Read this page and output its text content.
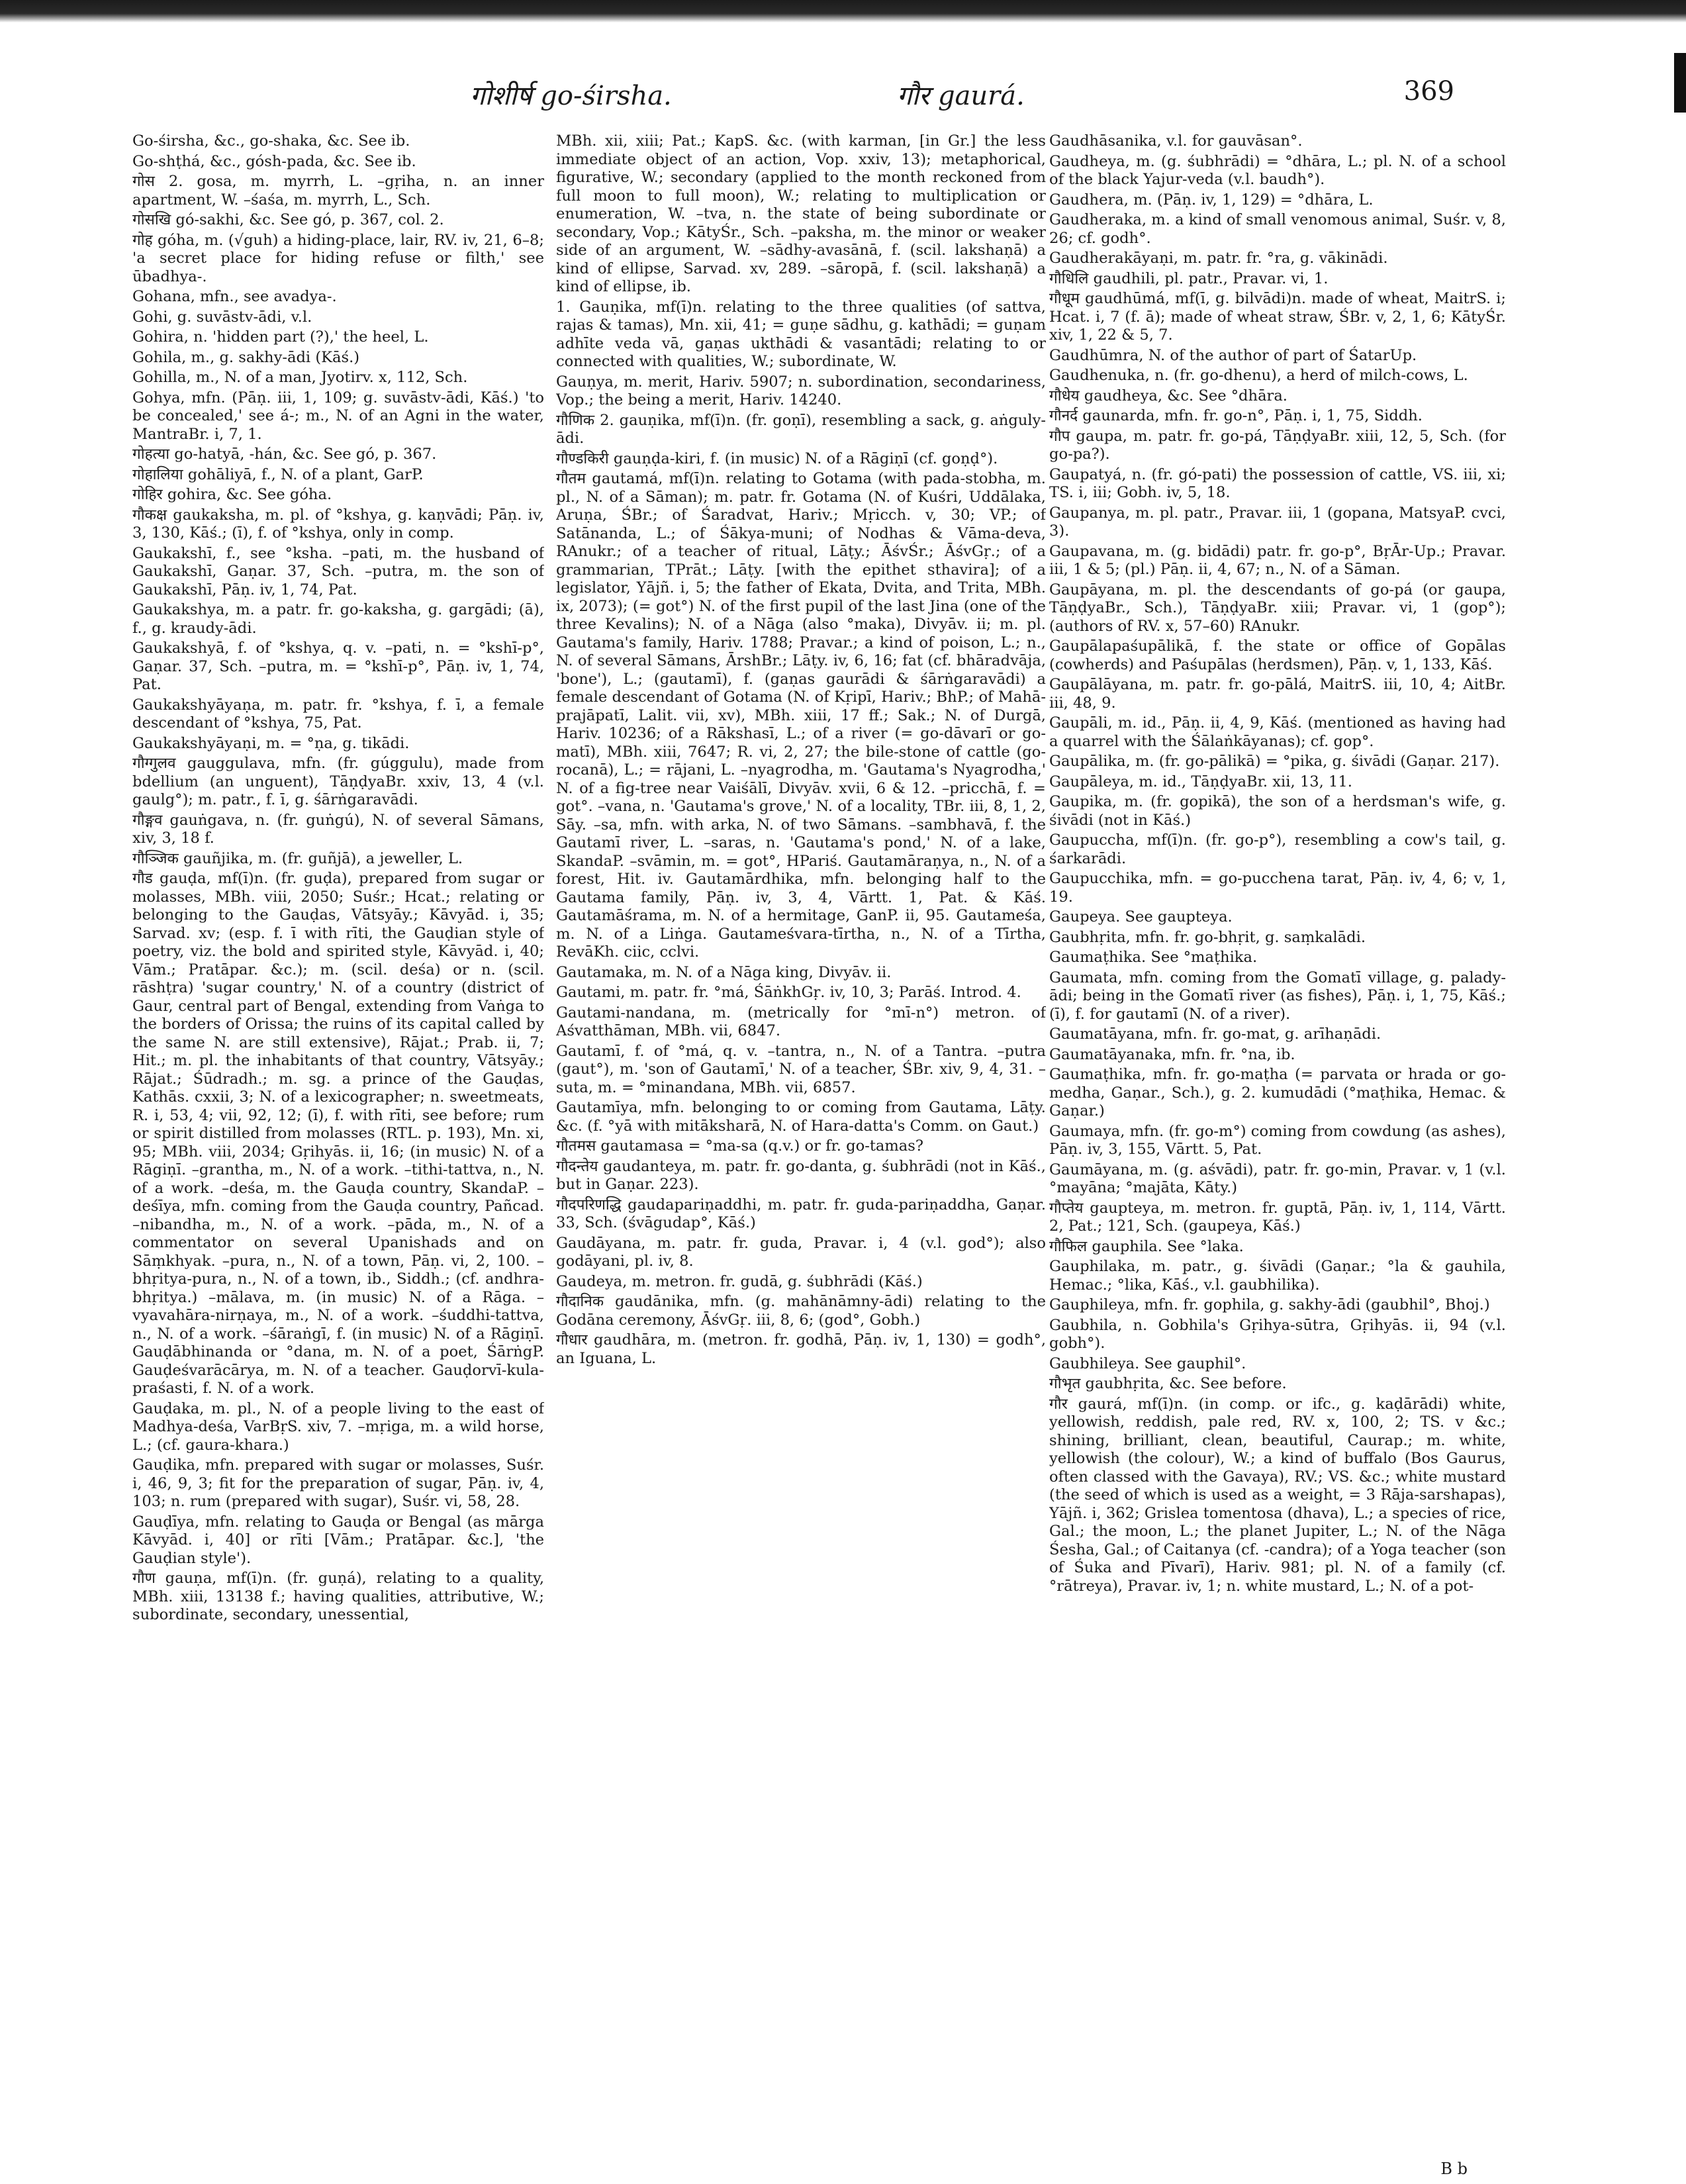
गोशीर्ष go-śirsha.	गौर gaurá.	369

Go-śirsha, &c., go-shaka, &c. See ib.

Go-shṭhá, &c., gósh-pada, &c. See ib.

गोस 2. gosa, m. myrrh, L. –gṛiha, n. an inner apartment, W. –śaśa, m. myrrh, L., Sch.

गोसखि gó-sakhi, &c. See gó, p. 367, col. 2.

गोह góha, m. (√guh) a hiding-place, lair, RV. iv, 21, 6–8; 'a secret place for hiding refuse or filth,' see ūbadhya-.

Gohana, mfn., see avadya-.

Gohi, g. suvāstv-ādi, v.l.

Gohira, n. 'hidden part (?),' the heel, L.

Gohila, m., g. sakhy-ādi (Kāś.)

Gohilla, m., N. of a man, Jyotirv. x, 112, Sch.

Gohya, mfn. (Pāṇ. iii, 1, 109; g. suvāstv-ādi, Kāś.) 'to be concealed,' see á-; m., N. of an Agni in the water, MantraBr. i, 7, 1.

गोहत्या go-hatyā, -hán, &c. See gó, p. 367.

गोहालिया gohāliyā, f., N. of a plant, GarP.

गोहिर gohira, &c. See góha.

गौकक्ष gaukaksha, m. pl. of °kshya, g. kaṇvādi; Pāṇ. iv, 3, 130, Kāś.; (ī), f. of °kshya, only in comp.

Gaukakshī, f., see °ksha. –pati, m. the husband of Gaukakshī, Gaṇar. 37, Sch. –putra, m. the son of Gaukakshī, Pāṇ. iv, 1, 74, Pat.

Gaukakshya, m. a patr. fr. go-kaksha, g. gargādi; (ā), f., g. kraudy-ādi.

Gaukakshyā, f. of °kshya, q. v. –pati, n. = °kshī-p°, Gaṇar. 37, Sch. –putra, m. = °kshī-p°, Pāṇ. iv, 1, 74, Pat.

Gaukakshyāyaṇa, m. patr. fr. °kshya, f. ī, a female descendant of °kshya, 75, Pat.

Gaukakshyāyaṇi, m. = °ṇa, g. tikādi.

गौग्गुलव gauggulava, mfn. (fr. gúggulu), made from bdellium (an unguent), TāṇḍyaBr. xxiv, 13, 4 (v.l. gaulg°); m. patr., f. ī, g. śārṅgaravādi.

गौङ्गव gauṅgava, n. (fr. guṅgú), N. of several Sāmans, xiv, 3, 18 f.

गौञ्जिक gauñjika, m. (fr. guñjā), a jeweller, L.

गौड gauḍa, mf(ī)n. (fr. guḍa), prepared from sugar or molasses, MBh. viii, 2050; Suśr.; Hcat.; relating or belonging to the Gauḍas, Vātsyāy.; Kāvyād. i, 35; Sarvad. xv; (esp. f. ī with rīti, the Gauḍian style of poetry, viz. the bold and spirited style, Kāvyād. i, 40; Vām.; Pratāpar. &c.); m. (scil. deśa) or n. (scil. rāshṭra) 'sugar country,' N. of a country (district of Gaur, central part of Bengal, extending from Vaṅga to the borders of Orissa; the ruins of its capital called by the same N. are still extensive), Rājat.; Prab. ii, 7; Hit.; m. pl. the inhabitants of that country, Vātsyāy.; Rājat.; Śūdradh.; m. sg. a prince of the Gauḍas, Kathās. cxxii, 3; N. of a lexicographer; n. sweetmeats, R. i, 53, 4; vii, 92, 12; (ī), f. with rīti, see before; rum or spirit distilled from molasses (RTL. p. 193), Mn. xi, 95; MBh. viii, 2034; Gṛihyās. ii, 16; (in music) N. of a Rāgiṇī. –grantha, m., N. of a work. –tithi-tattva, n., N. of a work. –deśa, m. the Gauḍa country, SkandaP. –deśīya, mfn. coming from the Gauḍa country, Pañcad. –nibandha, m., N. of a work. –pāda, m., N. of a commentator on several Upanishads and on Sāṃkhyak. –pura, n., N. of a town, Pāṇ. vi, 2, 100. –bhṛitya-pura, n., N. of a town, ib., Siddh.; (cf. andhra-bhṛitya.) –mālava, m. (in music) N. of a Rāga. –vyavahāra-nirṇaya, m., N. of a work. –śuddhi-tattva, n., N. of a work. –śāraṅgī, f. (in music) N. of a Rāgiṇī. Gauḍābhinanda or °dana, m. N. of a poet, ŚārṅgP. Gauḍeśvarācārya, m. N. of a teacher. Gauḍorvī-kula-praśasti, f. N. of a work.

Gauḍaka, m. pl., N. of a people living to the east of Madhya-deśa, VarBṛS. xiv, 7. –mṛiga, m. a wild horse, L.; (cf. gaura-khara.)

Gauḍika, mfn. prepared with sugar or molasses, Suśr. i, 46, 9, 3; fit for the preparation of sugar, Pāṇ. iv, 4, 103; n. rum (prepared with sugar), Suśr. vi, 58, 28.

Gauḍīya, mfn. relating to Gauḍa or Bengal (as mārga Kāvyād. i, 40] or rīti [Vām.; Pratāpar. &c.], 'the Gauḍian style').

गौण gauṇa, mf(ī)n. (fr. guṇá), relating to a quality, MBh. xiii, 13138 f.; having qualities, attributive, W.; subordinate, secondary, unessential,

MBh. xii, xiii; Pat.; KapS. &c. (with karman, [in Gr.] the less immediate object of an action, Vop. xxiv, 13); metaphorical, figurative, W.; secondary (applied to the month reckoned from full moon to full moon), W.; relating to multiplication or enumeration, W. –tva, n. the state of being subordinate or secondary, Vop.; KātyŚr., Sch. –paksha, m. the minor or weaker side of an argument, W. –sādhy-avasānā, f. (scil. lakshaṇā) a kind of ellipse, Sarvad. xv, 289. –sāropā, f. (scil. lakshaṇā) a kind of ellipse, ib.

1. Gauṇika, mf(ī)n. relating to the three qualities (of sattva, rajas & tamas), Mn. xii, 41; = guṇe sādhu, g. kathādi; = guṇam adhīte veda vā, gaṇas ukthādi & vasantādi; relating to or connected with qualities, W.; subordinate, W.

Gauṇya, m. merit, Hariv. 5907; n. subordination, secondariness, Vop.; the being a merit, Hariv. 14240.

गौणिक 2. gauṇika, mf(ī)n. (fr. goṇī), resembling a sack, g. aṅguly-ādi.

गौण्डकिरी gauṇḍa-kiri, f. (in music) N. of a Rāgiṇī (cf. goṇḍ°).

गौतम gautamá, mf(ī)n. relating to Gotama (with pada-stobha, m. pl., N. of a Sāman); m. patr. fr. Gotama (N. of Kuśri, Uddālaka, Aruṇa, ŚBr.; of Śaradvat, Hariv.; Mṛicch. v, 30; VP.; of Satānanda, L.; of Śākya-muni; of Nodhas & Vāma-deva, RAnukr.; of a teacher of ritual, Lāṭy.; ĀśvŚr.; ĀśvGṛ.; of a grammarian, TPrāt.; Lāṭy. [with the epithet sthavira]; of a legislator, Yājñ. i, 5; the father of Ekata, Dvita, and Trita, MBh. ix, 2073); (= got°) N. of the first pupil of the last Jina (one of the three Kevalins); N. of a Nāga (also °maka), Divyāv. ii; m. pl. Gautama's family, Hariv. 1788; Pravar.; a kind of poison, L.; n., N. of several Sāmans, ĀrshBr.; Lāṭy. iv, 6, 16; fat (cf. bhāradvāja, 'bone'), L.; (gautamī), f. (gaṇas gaurādi & śārṅgaravādi) a female descendant of Gotama (N. of Kṛipī, Hariv.; BhP.; of Mahā-prajāpatī, Lalit. vii, xv), MBh. xiii, 17 ff.; Sak.; N. of Durgā, Hariv. 10236; of a Rākshasī, L.; of a river (= go-dāvarī or go-matī), MBh. xiii, 7647; R. vi, 2, 27; the bile-stone of cattle (go-rocanā), L.; = rājani, L. –nyagrodha, m. 'Gautama's Nyagrodha,' N. of a fig-tree near Vaiśālī, Divyāv. xvii, 6 & 12. –pricchā, f. = got°. –vana, n. 'Gautama's grove,' N. of a locality, TBr. iii, 8, 1, 2, Sāy. –sa, mfn. with arka, N. of two Sāmans. –sambhavā, f. the Gautamī river, L. –saras, n. 'Gautama's pond,' N. of a lake, SkandaP. –svāmin, m. = got°, HPariś. Gautamāraṇya, n., N. of a forest, Hit. iv. Gautamārdhika, mfn. belonging half to the Gautama family, Pāṇ. iv, 3, 4, Vārtt. 1, Pat. & Kāś. Gautamāśrama, m. N. of a hermitage, GanP. ii, 95. Gautameśa, m. N. of a Liṅga. Gautameśvara-tīrtha, n., N. of a Tīrtha, RevāKh. ciic, cclvi.

Gautamaka, m. N. of a Nāga king, Divyāv. ii.

Gautami, m. patr. fr. °má, ŚāṅkhGṛ. iv, 10, 3; Parāś. Introd. 4.

Gautami-nandana, m. (metrically for °mī-n°) metron. of Aśvatthāman, MBh. vii, 6847.

Gautamī, f. of °má, q. v. –tantra, n., N. of a Tantra. –putra (gaut°), m. 'son of Gautamī,' N. of a teacher, ŚBr. xiv, 9, 4, 31. –suta, m. = °minandana, MBh. vii, 6857.

Gautamīya, mfn. belonging to or coming from Gautama, Lāṭy. &c. (f. °yā with mitāksharā, N. of Hara-datta's Comm. on Gaut.)

गौतमस gautamasa = °ma-sa (q.v.) or fr. go-tamas?

गौदन्तेय gaudanteya, m. patr. fr. go-danta, g. śubhrādi (not in Kāś., but in Gaṇar. 223).

गौदपरिणद्धि gaudapariṇaddhi, m. patr. fr. guda-pariṇaddha, Gaṇar. 33, Sch. (śvāgudap°, Kāś.)

Gaudāyana, m. patr. fr. guda, Pravar. i, 4 (v.l. god°); also godāyani, pl. iv, 8.

Gaudeya, m. metron. fr. gudā, g. śubhrādi (Kāś.)

गौदानिक gaudānika, mfn. (g. mahānāmny-ādi) relating to the Godāna ceremony, ĀśvGṛ. iii, 8, 6; (god°, Gobh.)

गौधार gaudhāra, m. (metron. fr. godhā, Pāṇ. iv, 1, 130) = godh°, an Iguana, L.

Gaudhāsanika, v.l. for gauvāsan°.

Gaudheya, m. (g. śubhrādi) = °dhāra, L.; pl. N. of a school of the black Yajur-veda (v.l. baudh°).

Gaudhera, m. (Pāṇ. iv, 1, 129) = °dhāra, L.

Gaudheraka, m. a kind of small venomous animal, Suśr. v, 8, 26; cf. godh°.

Gaudherakāyaṇi, m. patr. fr. °ra, g. vākinādi.

गौधिलि gaudhili, pl. patr., Pravar. vi, 1.

गौधूम gaudhūmá, mf(ī, g. bilvādi)n. made of wheat, MaitrS. i; Hcat. i, 7 (f. ā); made of wheat straw, ŚBr. v, 2, 1, 6; KātyŚr. xiv, 1, 22 & 5, 7.

Gaudhūmra, N. of the author of part of ŚatarUp.

Gaudhenuka, n. (fr. go-dhenu), a herd of milch-cows, L.

गौधेय gaudheya, &c. See °dhāra.

गौनर्द gaunarda, mfn. fr. go-n°, Pāṇ. i, 1, 75, Siddh.

गौप gaupa, m. patr. fr. go-pá, TāṇḍyaBr. xiii, 12, 5, Sch. (for go-pa?).

Gaupatyá, n. (fr. gó-pati) the possession of cattle, VS. iii, xi; TS. i, iii; Gobh. iv, 5, 18.

Gaupanya, m. pl. patr., Pravar. iii, 1 (gopana, MatsyaP. cvci, 3).

Gaupavana, m. (g. bidādi) patr. fr. go-p°, BṛĀr-Up.; Pravar. iii, 1 & 5; (pl.) Pāṇ. ii, 4, 67; n., N. of a Sāman.

Gaupāyana, m. pl. the descendants of go-pá (or gaupa, TāṇḍyaBr., Sch.), TāṇḍyaBr. xiii; Pravar. vi, 1 (gop°); (authors of RV. x, 57–60) RAnukr.

Gaupālapaśupālikā, f. the state or office of Gopālas (cowherds) and Paśupālas (herdsmen), Pāṇ. v, 1, 133, Kāś.

Gaupālāyana, m. patr. fr. go-pālá, MaitrS. iii, 10, 4; AitBr. iii, 48, 9.

Gaupāli, m. id., Pāṇ. ii, 4, 9, Kāś. (mentioned as having had a quarrel with the Śālaṅkāyanas); cf. gop°.

Gaupālika, m. (fr. go-pālikā) = °pika, g. śivādi (Gaṇar. 217).

Gaupāleya, m. id., TāṇḍyaBr. xii, 13, 11.

Gaupika, m. (fr. gopikā), the son of a herdsman's wife, g. śivādi (not in Kāś.)

Gaupuccha, mf(ī)n. (fr. go-p°), resembling a cow's tail, g. śarkarādi.

Gaupucchika, mfn. = go-pucchena tarat, Pāṇ. iv, 4, 6; v, 1, 19.

Gaupeya. See gaupteya.

Gaubhṛita, mfn. fr. go-bhṛit, g. saṃkalādi.

Gaumaṭhika. See °maṭhika.

Gaumata, mfn. coming from the Gomatī village, g. palady-ādi; being in the Gomatī river (as fishes), Pāṇ. i, 1, 75, Kāś.; (ī), f. for gautamī (N. of a river).

Gaumatāyana, mfn. fr. go-mat, g. arīhaṇādi.

Gaumatāyanaka, mfn. fr. °na, ib.

Gaumaṭhika, mfn. fr. go-maṭha (= parvata or hrada or go-medha, Gaṇar., Sch.), g. 2. kumudādi (°maṭhika, Hemac. & Gaṇar.)

Gaumaya, mfn. (fr. go-m°) coming from cowdung (as ashes), Pāṇ. iv, 3, 155, Vārtt. 5, Pat.

Gaumāyana, m. (g. aśvādi), patr. fr. go-min, Pravar. v, 1 (v.l. °mayāna; °majāta, Kāty.)

गौप्तेय gaupteya, m. metron. fr. guptā, Pāṇ. iv, 1, 114, Vārtt. 2, Pat.; 121, Sch. (gaupeya, Kāś.)

गौफिल gauphila. See °laka.

Gauphilaka, m. patr., g. śivādi (Gaṇar.; °la & gauhila, Hemac.; °lika, Kāś., v.l. gaubhilika).

Gauphileya, mfn. fr. gophila, g. sakhy-ādi (gaubhil°, Bhoj.)

Gaubhila, n. Gobhila's Gṛihya-sūtra, Gṛihyās. ii, 94 (v.l. gobh°).

Gaubhileya. See gauphil°.

गौभृत gaubhṛita, &c. See before.

गौर gaurá, mf(ī)n. (in comp. or ifc., g. kaḍārādi) white, yellowish, reddish, pale red, RV. x, 100, 2; TS. v &c.; shining, brilliant, clean, beautiful, Caurap.; m. white, yellowish (the colour), W.; a kind of buffalo (Bos Gaurus, often classed with the Gavaya), RV.; VS. &c.; white mustard (the seed of which is used as a weight, = 3 Rāja-sarshapas), Yājñ. i, 362; Grislea tomentosa (dhava), L.; a species of rice, Gal.; the moon, L.; the planet Jupiter, L.; N. of the Nāga Śesha, Gal.; of Caitanya (cf. -candra); of a Yoga teacher (son of Śuka and Pīvarī), Hariv. 981; pl. N. of a family (cf. °rātreya), Pravar. iv, 1; n. white mustard, L.; N. of a pot-

B b
